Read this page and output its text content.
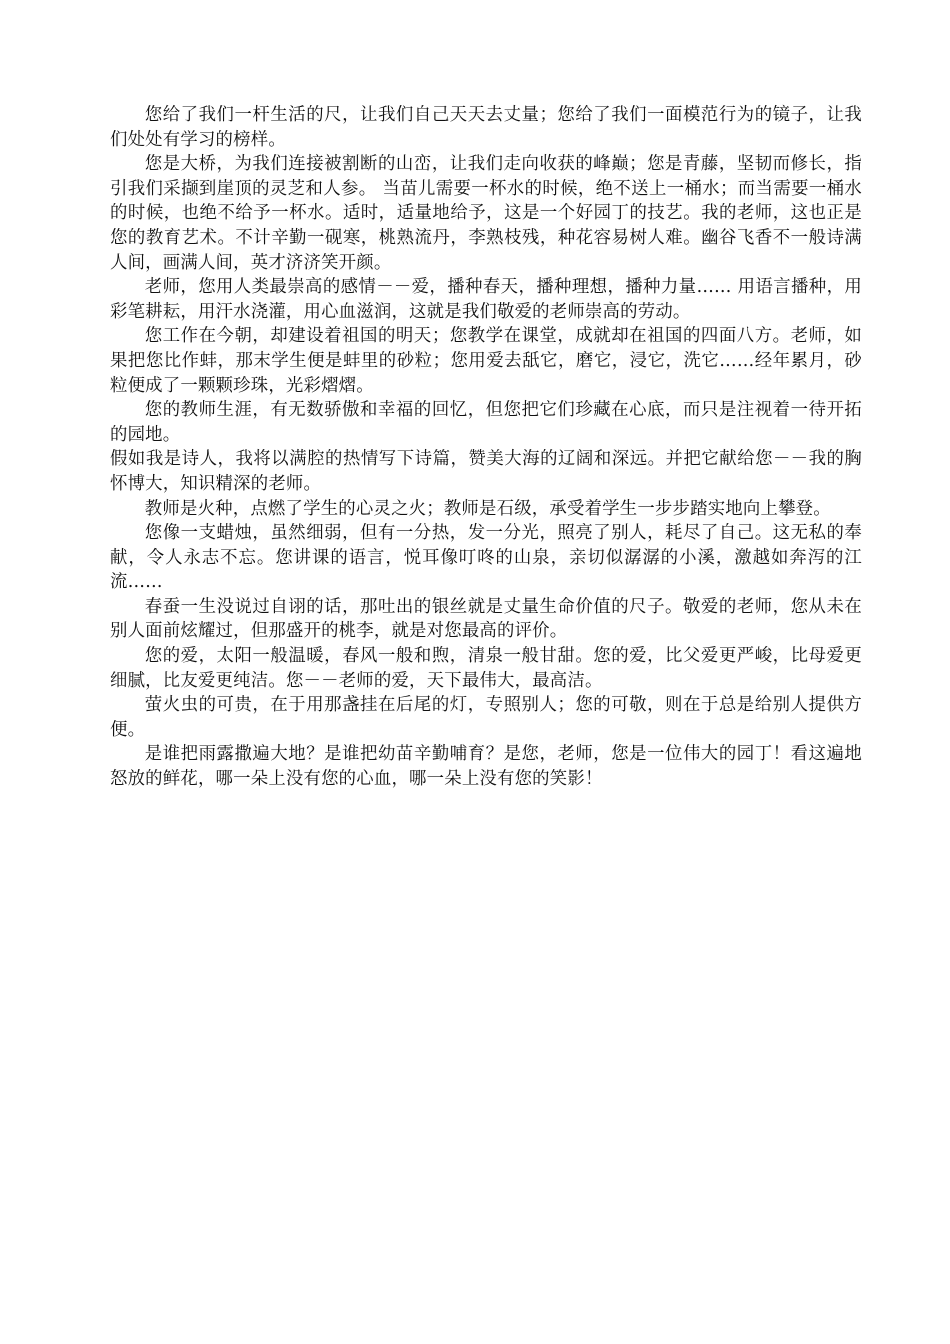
您给了我们一杆生活的尺，让我们自己天天去丈量；您给了我们一面模范行为的镜子，让我们处处有学习的榜样。

您是大桥，为我们连接被割断的山峦，让我们走向收获的峰巅；您是青藤，坚韧而修长，指引我们采撷到崖顶的灵芝和人参。 当苗儿需要一杯水的时候，绝不送上一桶水；而当需要一桶水的时候，也绝不给予一杯水。适时，适量地给予，这是一个好园丁的技艺。我的老师，这也正是您的教育艺术。不计辛勤一砚寒，桃熟流丹，李熟枝残，种花容易树人难。幽谷飞香不一般诗满人间，画满人间，英才济济笑开颜。

老师，您用人类最崇高的感情－－爱，播种春天，播种理想，播种力量…… 用语言播种，用彩笔耕耘，用汗水浇灌，用心血滋润，这就是我们敬爱的老师崇高的劳动。

您工作在今朝，却建设着祖国的明天；您教学在课堂，成就却在祖国的四面八方。老师，如果把您比作蚌，那末学生便是蚌里的砂粒；您用爱去舐它，磨它，浸它，洗它……经年累月，砂粒便成了一颗颗珍珠，光彩熠熠。

您的教师生涯，有无数骄傲和幸福的回忆，但您把它们珍藏在心底，而只是注视着一待开拓的园地。

假如我是诗人，我将以满腔的热情写下诗篇，赞美大海的辽阔和深远。并把它献给您－－我的胸怀博大，知识精深的老师。

教师是火种，点燃了学生的心灵之火；教师是石级，承受着学生一步步踏实地向上攀登。

您像一支蜡烛，虽然细弱，但有一分热，发一分光，照亮了别人，耗尽了自己。这无私的奉献，令人永志不忘。您讲课的语言，悦耳像叮咚的山泉，亲切似潺潺的小溪，激越如奔泻的江流……

春蚕一生没说过自诩的话，那吐出的银丝就是丈量生命价值的尺子。敬爱的老师，您从未在别人面前炫耀过，但那盛开的桃李，就是对您最高的评价。

您的爱，太阳一般温暖，春风一般和煦，清泉一般甘甜。您的爱，比父爱更严峻，比母爱更细腻，比友爱更纯洁。您－－老师的爱，天下最伟大，最高洁。

萤火虫的可贵，在于用那盏挂在后尾的灯，专照别人；您的可敬，则在于总是给别人提供方便。

是谁把雨露撒遍大地？是谁把幼苗辛勤哺育？是您，老师，您是一位伟大的园丁！看这遍地怒放的鲜花，哪一朵上没有您的心血，哪一朵上没有您的笑影！
